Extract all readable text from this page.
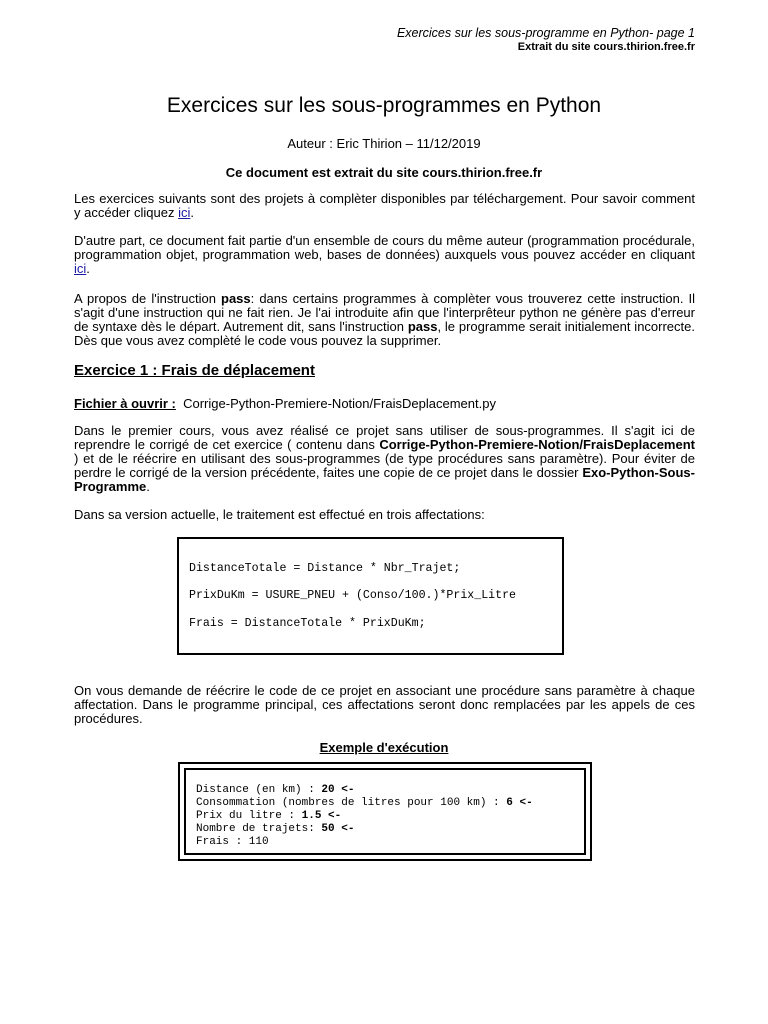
Exercices sur les sous-programme en Python- page 1
Extrait du site cours.thirion.free.fr
Exercices sur les sous-programmes en Python
Auteur : Eric Thirion – 11/12/2019
Ce document est extrait du site cours.thirion.free.fr

Les exercices suivants sont des projets à complèter disponibles par téléchargement. Pour savoir comment y accéder cliquez ici.

D'autre part, ce document fait partie d'un ensemble de cours du même auteur (programmation procédurale, programmation objet, programmation web, bases de données) auxquels vous pouvez accéder en cliquant ici.

A propos de l'instruction pass: dans certains programmes à complèter vous trouverez cette instruction. Il s'agit d'une instruction qui ne fait rien. Je l'ai introduite afin que l'interprêteur python ne génère pas d'erreur de syntaxe dès le départ. Autrement dit, sans l'instruction pass, le programme serait initialement incorrecte. Dès que vous avez complèté le code vous pouvez la supprimer.

Exercice 1 : Frais de déplacement
Fichier à ouvrir : Corrige-Python-Premiere-Notion/FraisDeplacement.py

Dans le premier cours, vous avez réalisé ce projet sans utiliser de sous-programmes. Il s'agit ici de reprendre le corrigé de cet exercice ( contenu dans Corrige-Python-Premiere-Notion/FraisDeplacement ) et de le réécrire en utilisant des sous-programmes (de type procédures sans paramètre). Pour éviter de perdre le corrigé de la version précédente, faites une copie de ce projet dans le dossier Exo-Python-Sous-Programme.

Dans sa version actuelle, le traitement est effectué en trois affectations:
DistanceTotale = Distance * Nbr_Trajet;
PrixDuKm = USURE_PNEU + (Conso/100.)*Prix_Litre
Frais = DistanceTotale * PrixDuKm;
On vous demande de réécrire le code de ce projet en associant une procédure sans paramètre à chaque affectation. Dans le programme principal, ces affectations seront donc remplacées par les appels de ces procédures.
Exemple d'exécution
Distance (en km) : 20 <-
Consommation (nombres de litres pour 100 km) : 6 <-
Prix du litre : 1.5 <-
Nombre de trajets: 50 <-
Frais : 110
